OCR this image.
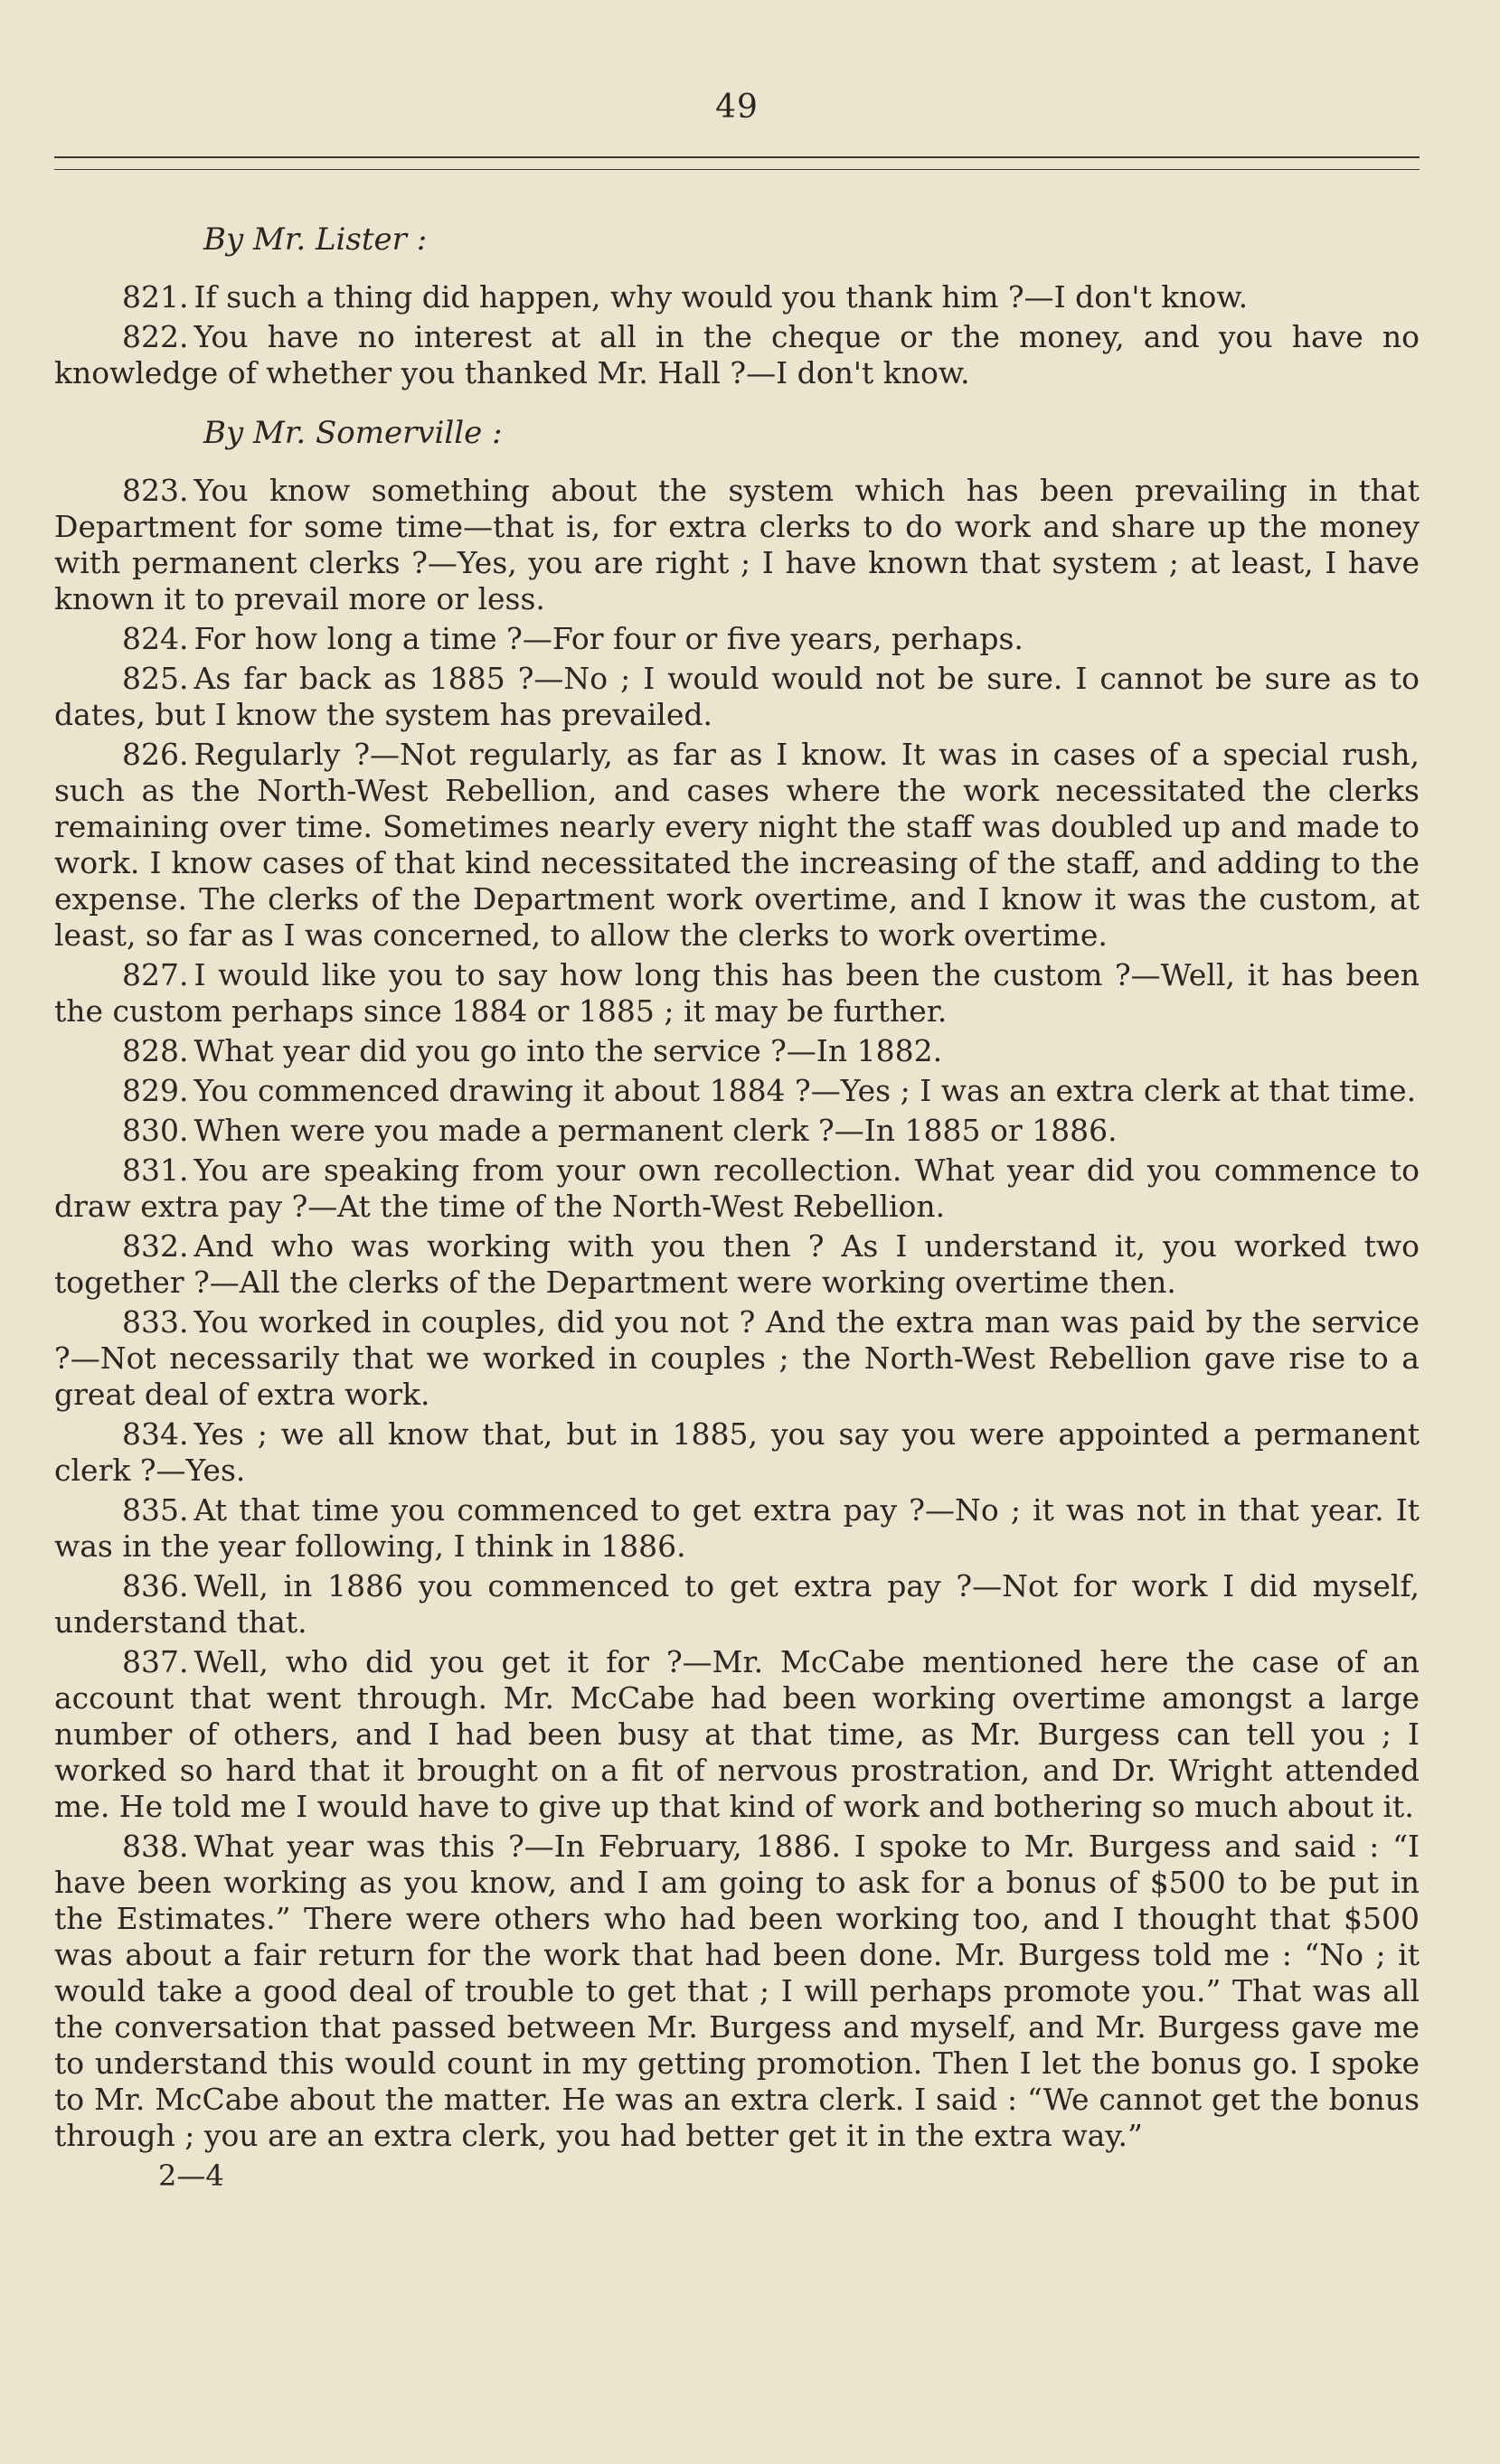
49

By Mr. Lister :

821. If such a thing did happen, why would you thank him ?—I don't know.

822. You have no interest at all in the cheque or the money, and you have no knowledge of whether you thanked Mr. Hall ?—I don't know.

By Mr. Somerville :

823. You know something about the system which has been prevailing in that Department for some time—that is, for extra clerks to do work and share up the money with permanent clerks ?—Yes, you are right ; I have known that system ; at least, I have known it to prevail more or less.

824. For how long a time ?—For four or five years, perhaps.

825. As far back as 1885 ?—No ; I would would not be sure. I cannot be sure as to dates, but I know the system has prevailed.

826. Regularly ?—Not regularly, as far as I know. It was in cases of a special rush, such as the North-West Rebellion, and cases where the work necessitated the clerks remaining over time. Sometimes nearly every night the staff was doubled up and made to work. I know cases of that kind necessitated the increasing of the staff, and adding to the expense. The clerks of the Department work overtime, and I know it was the custom, at least, so far as I was concerned, to allow the clerks to work overtime.

827. I would like you to say how long this has been the custom ?—Well, it has been the custom perhaps since 1884 or 1885 ; it may be further.

828. What year did you go into the service ?—In 1882.

829. You commenced drawing it about 1884 ?—Yes ; I was an extra clerk at that time.

830. When were you made a permanent clerk ?—In 1885 or 1886.

831. You are speaking from your own recollection. What year did you commence to draw extra pay ?—At the time of the North-West Rebellion.

832. And who was working with you then ? As I understand it, you worked two together ?—All the clerks of the Department were working overtime then.

833. You worked in couples, did you not ? And the extra man was paid by the service ?—Not necessarily that we worked in couples ; the North-West Rebellion gave rise to a great deal of extra work.

834. Yes ; we all know that, but in 1885, you say you were appointed a permanent clerk ?—Yes.

835. At that time you commenced to get extra pay ?—No ; it was not in that year. It was in the year following, I think in 1886.

836. Well, in 1886 you commenced to get extra pay ?—Not for work I did myself, understand that.

837. Well, who did you get it for ?—Mr. McCabe mentioned here the case of an account that went through. Mr. McCabe had been working overtime amongst a large number of others, and I had been busy at that time, as Mr. Burgess can tell you ; I worked so hard that it brought on a fit of nervous prostration, and Dr. Wright attended me. He told me I would have to give up that kind of work and bothering so much about it.

838. What year was this ?—In February, 1886. I spoke to Mr. Burgess and said : “I have been working as you know, and I am going to ask for a bonus of $500 to be put in the Estimates.” There were others who had been working too, and I thought that $500 was about a fair return for the work that had been done. Mr. Burgess told me : “No ; it would take a good deal of trouble to get that ; I will perhaps promote you.” That was all the conversation that passed between Mr. Burgess and myself, and Mr. Burgess gave me to understand this would count in my getting promotion. Then I let the bonus go. I spoke to Mr. McCabe about the matter. He was an extra clerk. I said : “We cannot get the bonus through ; you are an extra clerk, you had better get it in the extra way.”

2—4
